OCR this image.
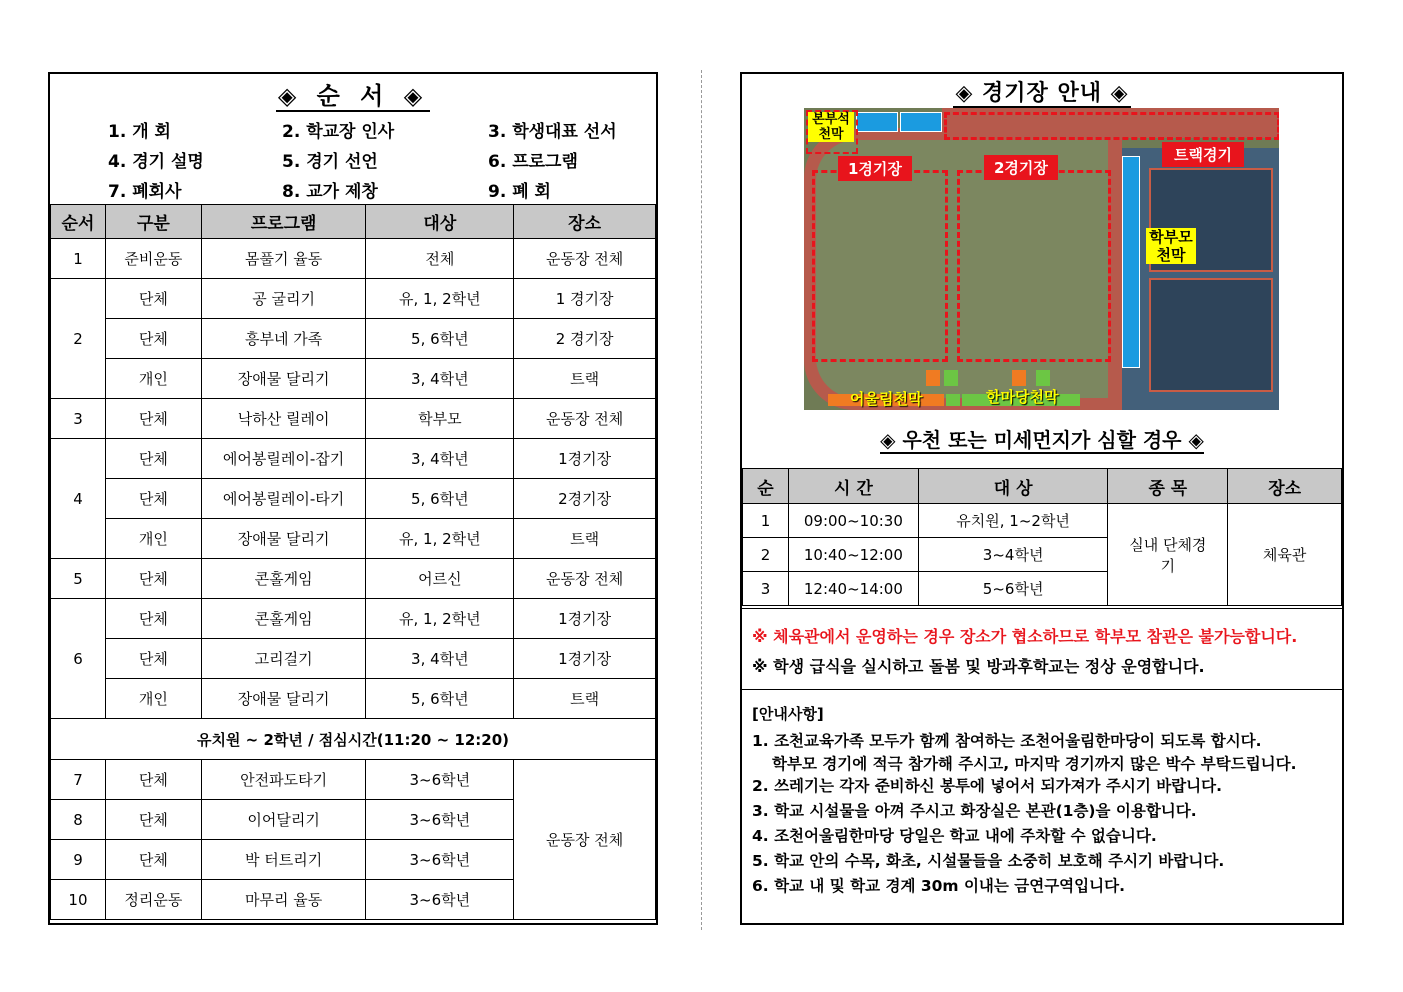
◈ 순 서 ◈
1. 개 회	2. 학교장 인사	3. 학생대표 선서
4. 경기 설명	5. 경기 선언	6. 프로그램
7. 폐회사	8. 교가 제창	9. 폐 회
순서	구분	프로그램	대상	장소
1	준비운동	몸풀기 율동	전체	운동장 전체
2	단체	공 굴리기	유, 1, 2학년	1 경기장
	단체	흥부네 가족	5, 6학년	2 경기장
	개인	장애물 달리기	3, 4학년	트랙
3	단체	낙하산 릴레이	학부모	운동장 전체
4	단체	에어봉릴레이-잡기	3, 4학년	1경기장
	단체	에어봉릴레이-타기	5, 6학년	2경기장
	개인	장애물 달리기	유, 1, 2학년	트랙
5	단체	콘홀게임	어르신	운동장 전체
6	단체	콘홀게임	유, 1, 2학년	1경기장
	단체	고리걸기	3, 4학년	1경기장
	개인	장애물 달리기	5, 6학년	트랙
유치원 ~ 2학년 / 점심시간(11:20 ~ 12:20)				
7	단체	안전파도타기	3~6학년	운동장 전체
8	단체	이어달리기	3~6학년	
9	단체	박 터트리기	3~6학년	
10	정리운동	마무리 율동	3~6학년	
◈ 경기장 안내 ◈
본부석 천막
1경기장	2경기장
트랙경기
학부모 천막
어울림천막	한마당천막
◈ 우천 또는 미세먼지가 심할 경우 ◈
순	시 간	대 상	종 목	장소
1	09:00~10:30	유치원, 1~2학년	실내 단체경기	체육관
2	10:40~12:00	3~4학년		
3	12:40~14:00	5~6학년		
※ 체육관에서 운영하는 경우 장소가 협소하므로 학부모 참관은 불가능합니다.
※ 학생 급식을 실시하고 돌봄 및 방과후학교는 정상 운영합니다.
[안내사항]
1. 조천교육가족 모두가 함께 참여하는 조천어울림한마당이 되도록 합시다.
학부모 경기에 적극 참가해 주시고, 마지막 경기까지 많은 박수 부탁드립니다.
2. 쓰레기는 각자 준비하신 봉투에 넣어서 되가져가 주시기 바랍니다.
3. 학교 시설물을 아껴 주시고 화장실은 본관(1층)을 이용합니다.
4. 조천어울림한마당 당일은 학교 내에 주차할 수 없습니다.
5. 학교 안의 수목, 화초, 시설물들을 소중히 보호해 주시기 바랍니다.
6. 학교 내 및 학교 경계 30m 이내는 금연구역입니다.
